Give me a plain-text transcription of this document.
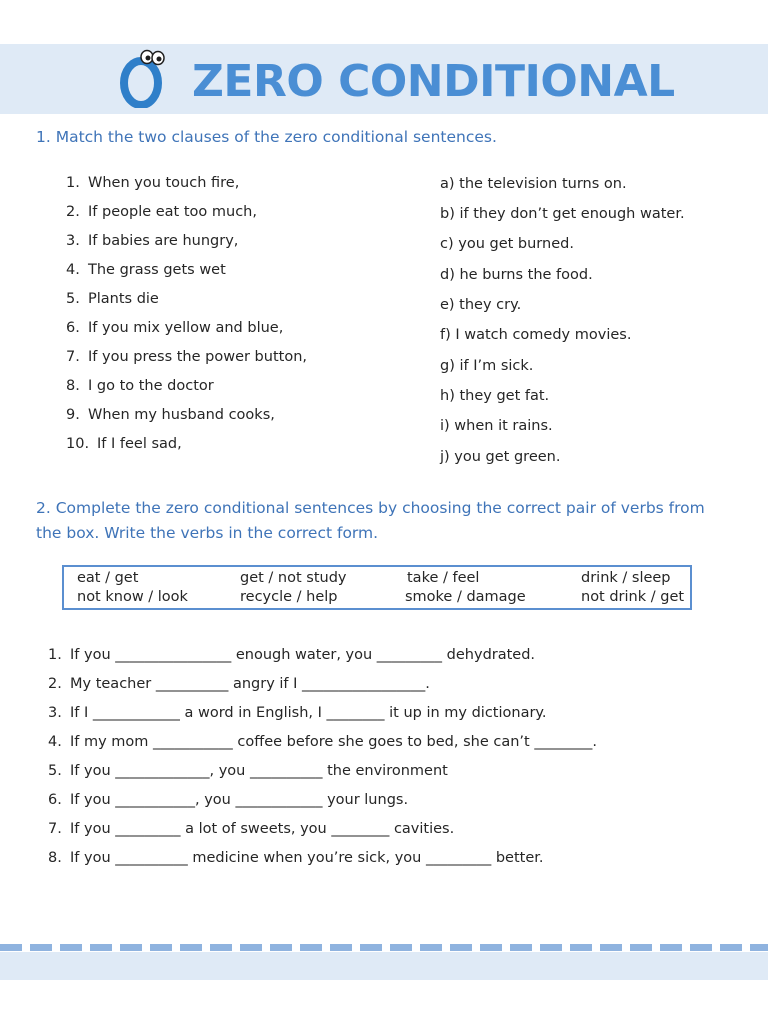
ZERO CONDITIONAL
1. Match the two clauses of the zero conditional sentences.
1. When you touch fire,
2. If people eat too much,
3. If babies are hungry,
4. The grass gets wet
5. Plants die
6. If you mix yellow and blue,
7. If you press the power button,
8. I go to the doctor
9. When my husband cooks,
10. If I feel sad,
a) the television turns on.
b) if they don’t get enough water.
c) you get burned.
d) he burns the food.
e) they cry.
f) I watch comedy movies.
g) if I’m sick.
h) they get fat.
i) when it rains.
j) you get green.
2. Complete the zero conditional sentences by choosing the correct pair of verbs from the box. Write the verbs in the correct form.
eat / get	get / not study	take / feel	drink / sleep
not know / look	recycle / help	smoke / damage	not drink / get
1. If you ________________ enough water, you _________ dehydrated.
2. My teacher __________ angry if I _________________.
3. If I ____________ a word in English, I ________ it up in my dictionary.
4. If my mom ___________ coffee before she goes to bed, she can’t ________.
5. If you _____________, you __________ the environment
6. If you ___________, you ____________ your lungs.
7. If you _________ a lot of sweets, you ________ cavities.
8. If you __________ medicine when you’re sick, you _________ better.
